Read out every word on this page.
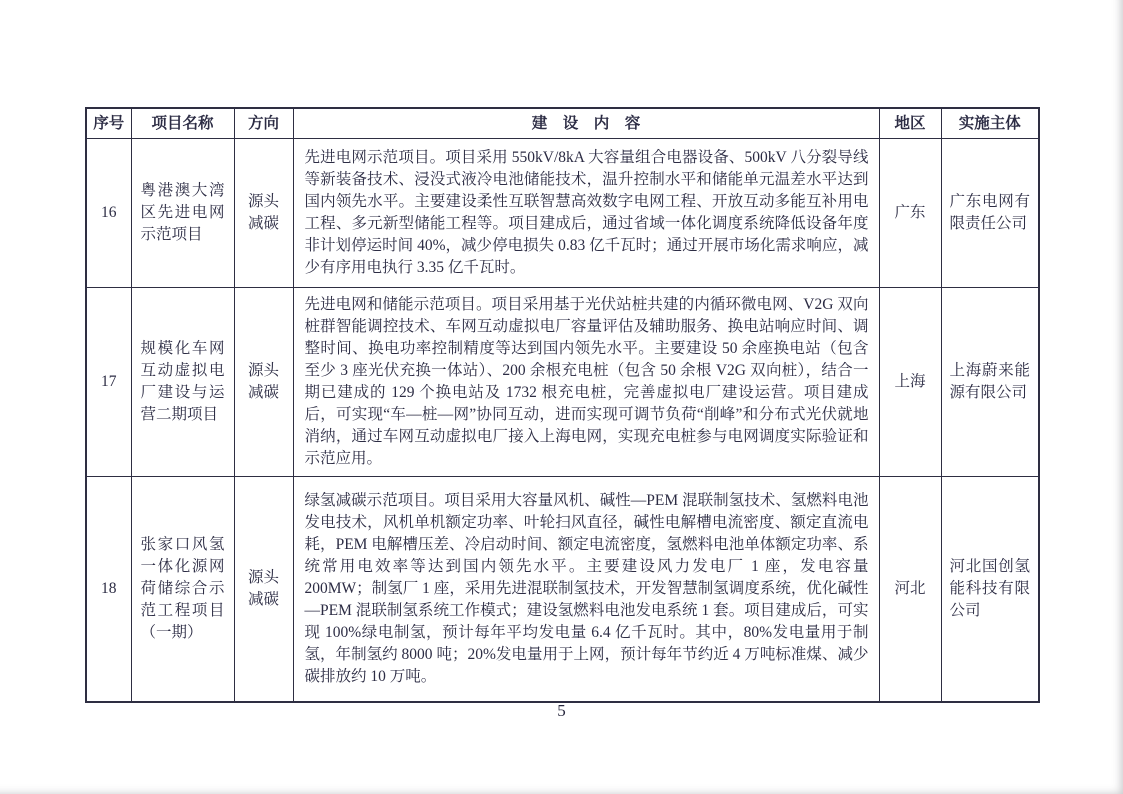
序号	项目名称	方向	建　设　内　容	地区	实施主体
16	粤港澳大湾区先进电网示范项目	源头减碳	先进电网示范项目。项目采用 550kV/8kA 大容量组合电器设备、500kV 八分裂导线等新装备技术、浸没式液冷电池储能技术，温升控制水平和储能单元温差水平达到国内领先水平。主要建设柔性互联智慧高效数字电网工程、开放互动多能互补用电工程、多元新型储能工程等。项目建成后，通过省域一体化调度系统降低设备年度非计划停运时间 40%，减少停电损失 0.83 亿千瓦时；通过开展市场化需求响应，减少有序用电执行 3.35 亿千瓦时。	广东	广东电网有限责任公司
17	规模化车网互动虚拟电厂建设与运营二期项目	源头减碳	先进电网和储能示范项目。项目采用基于光伏站桩共建的内循环微电网、V2G 双向桩群智能调控技术、车网互动虚拟电厂容量评估及辅助服务、换电站响应时间、调整时间、换电功率控制精度等达到国内领先水平。主要建设 50 余座换电站（包含至少 3 座光伏充换一体站）、200 余根充电桩（包含 50 余根 V2G 双向桩），结合一期已建成的 129 个换电站及 1732 根充电桩，完善虚拟电厂建设运营。项目建成后，可实现“车—桩—网”协同互动，进而实现可调节负荷“削峰”和分布式光伏就地消纳，通过车网互动虚拟电厂接入上海电网，实现充电桩参与电网调度实际验证和示范应用。	上海	上海蔚来能源有限公司
18	张家口风氢一体化源网荷储综合示范工程项目（一期）	源头减碳	绿氢减碳示范项目。项目采用大容量风机、碱性—PEM 混联制氢技术、氢燃料电池发电技术，风机单机额定功率、叶轮扫风直径，碱性电解槽电流密度、额定直流电耗，PEM 电解槽压差、冷启动时间、额定电流密度，氢燃料电池单体额定功率、系统常用电效率等达到国内领先水平。主要建设风力发电厂 1 座，发电容量 200MW；制氢厂 1 座，采用先进混联制氢技术，开发智慧制氢调度系统，优化碱性—PEM 混联制氢系统工作模式；建设氢燃料电池发电系统 1 套。项目建成后，可实现 100%绿电制氢，预计每年平均发电量 6.4 亿千瓦时。其中，80%发电量用于制氢，年制氢约 8000 吨；20%发电量用于上网，预计每年节约近 4 万吨标准煤、减少碳排放约 10 万吨。	河北	河北国创氢能科技有限公司
5
